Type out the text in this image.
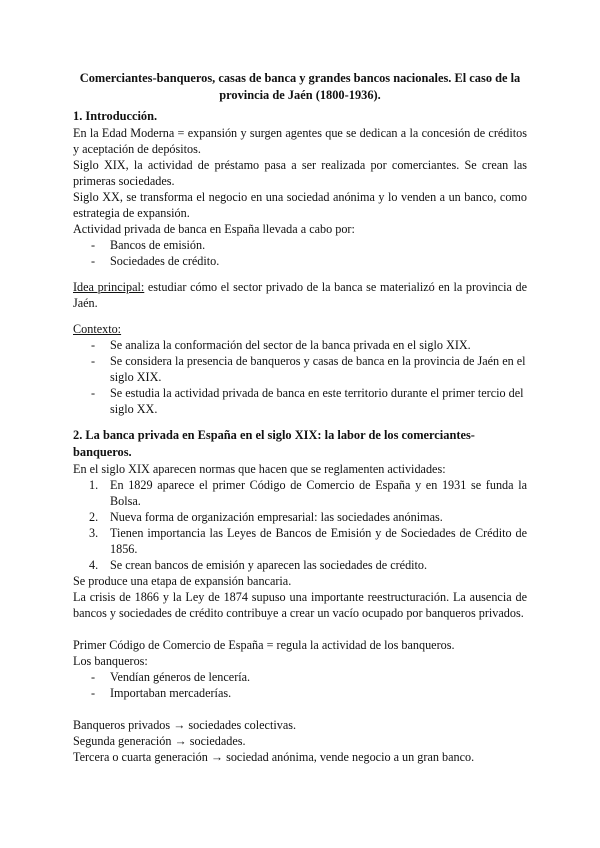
Comerciantes-banqueros, casas de banca y grandes bancos nacionales. El caso de la provincia de Jaén (1800-1936).
1. Introducción.

En la Edad Moderna = expansión y surgen agentes que se dedican a la concesión de créditos y aceptación de depósitos.

Siglo XIX, la actividad de préstamo pasa a ser realizada por comerciantes. Se crean las primeras sociedades.

Siglo XX, se transforma el negocio en una sociedad anónima y lo venden a un banco, como estrategia de expansión.

Actividad privada de banca en España llevada a cabo por:

- Bancos de emisión.
- Sociedades de crédito.

Idea principal: estudiar cómo el sector privado de la banca se materializó en la provincia de Jaén.

Contexto:

- Se analiza la conformación del sector de la banca privada en el siglo XIX.
- Se considera la presencia de banqueros y casas de banca en la provincia de Jaén en el siglo XIX.
- Se estudia la actividad privada de banca en este territorio durante el primer tercio del siglo XX.
2. La banca privada en España en el siglo XIX: la labor de los comerciantes-banqueros.

En el siglo XIX aparecen normas que hacen que se reglamenten actividades:

1. En 1829 aparece el primer Código de Comercio de España y en 1931 se funda la Bolsa.
2. Nueva forma de organización empresarial: las sociedades anónimas.
3. Tienen importancia las Leyes de Bancos de Emisión y de Sociedades de Crédito de 1856.
4. Se crean bancos de emisión y aparecen las sociedades de crédito.

Se produce una etapa de expansión bancaria.

La crisis de 1866 y la Ley de 1874 supuso una importante reestructuración. La ausencia de bancos y sociedades de crédito contribuye a crear un vacío ocupado por banqueros privados.

Primer Código de Comercio de España = regula la actividad de los banqueros.

Los banqueros:

- Vendían géneros de lencería.
- Importaban mercaderías.

Banqueros privados → sociedades colectivas.

Segunda generación → sociedades.

Tercera o cuarta generación → sociedad anónima, vende negocio a un gran banco.
